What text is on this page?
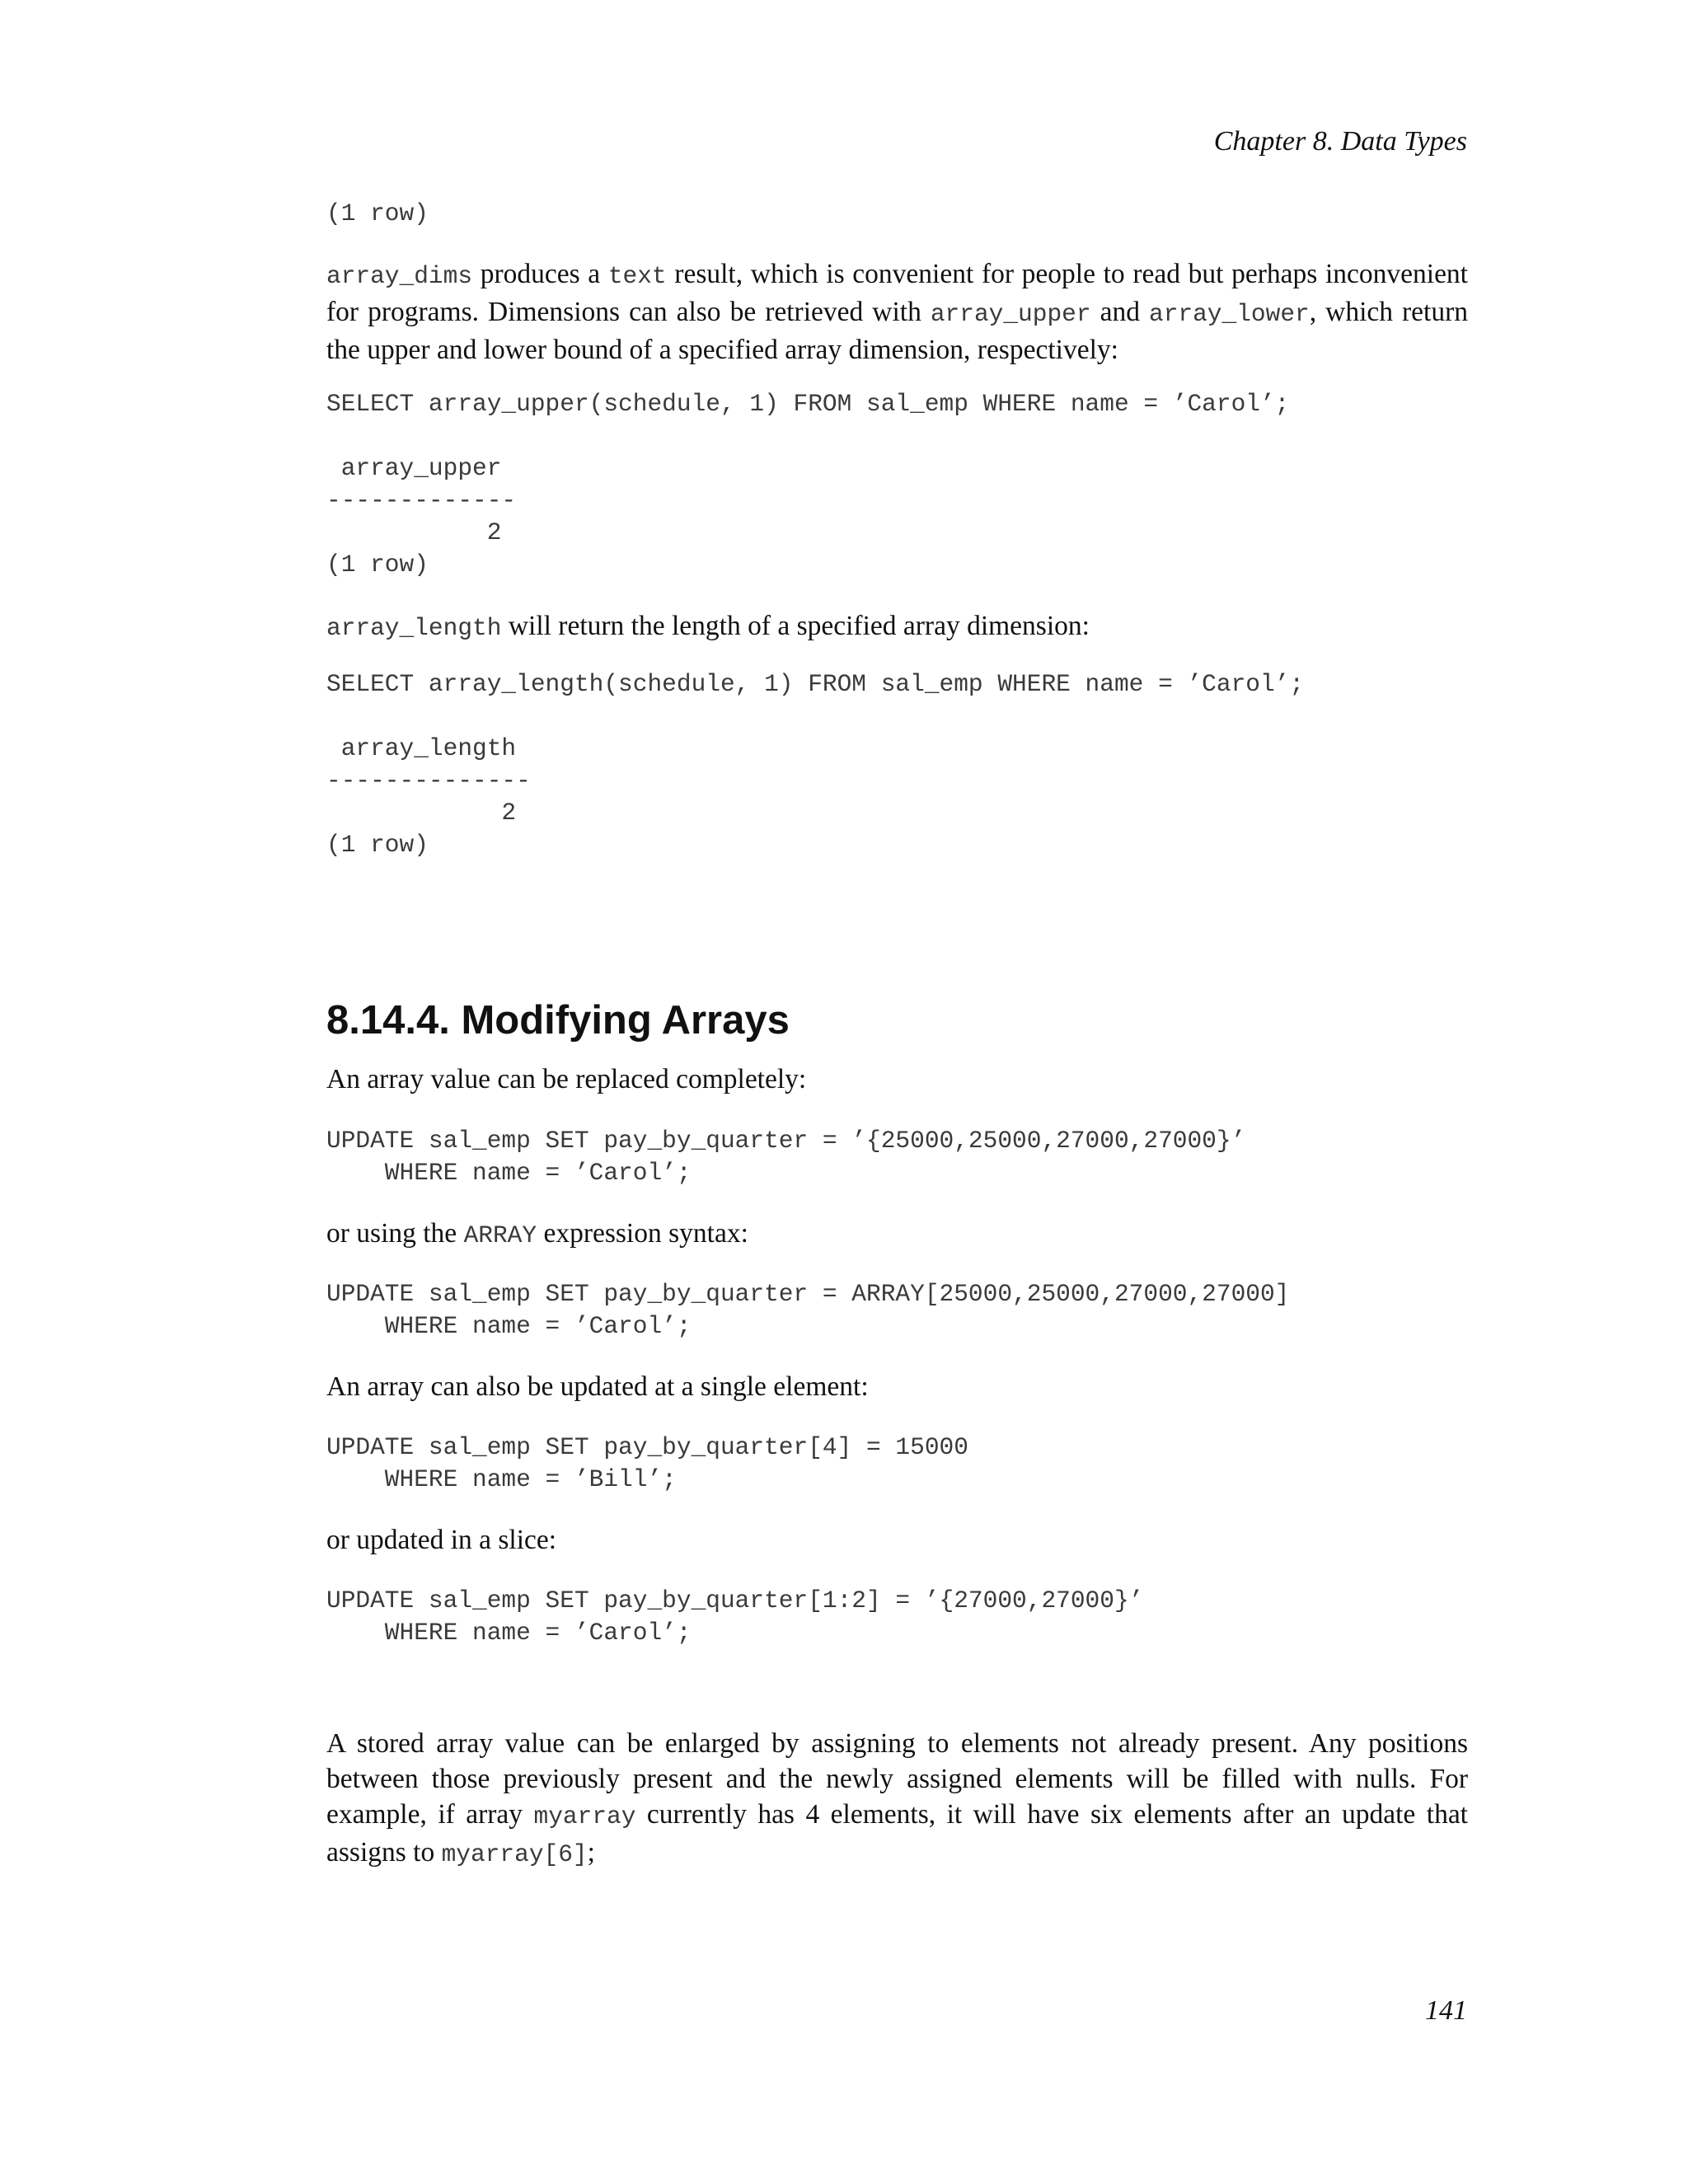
Chapter 8. Data Types
(1 row)

array_dims produces a text result, which is convenient for people to read but perhaps inconvenient for programs. Dimensions can also be retrieved with array_upper and array_lower, which return the upper and lower bound of a specified array dimension, respectively:

SELECT array_upper(schedule, 1) FROM sal_emp WHERE name = ’Carol’;

array_upper
-------------
2
(1 row)

array_length will return the length of a specified array dimension:

SELECT array_length(schedule, 1) FROM sal_emp WHERE name = ’Carol’;

array_length
--------------
2
(1 row)
8.14.4. Modifying Arrays

An array value can be replaced completely:

UPDATE sal_emp SET pay_by_quarter = ’{25000,25000,27000,27000}’
WHERE name = ’Carol’;

or using the ARRAY expression syntax:

UPDATE sal_emp SET pay_by_quarter = ARRAY[25000,25000,27000,27000]
WHERE name = ’Carol’;

An array can also be updated at a single element:

UPDATE sal_emp SET pay_by_quarter[4] = 15000
WHERE name = ’Bill’;

or updated in a slice:

UPDATE sal_emp SET pay_by_quarter[1:2] = ’{27000,27000}’
WHERE name = ’Carol’;

A stored array value can be enlarged by assigning to elements not already present. Any positions between those previously present and the newly assigned elements will be filled with nulls. For example, if array myarray currently has 4 elements, it will have six elements after an update that assigns to myarray[6];

141
